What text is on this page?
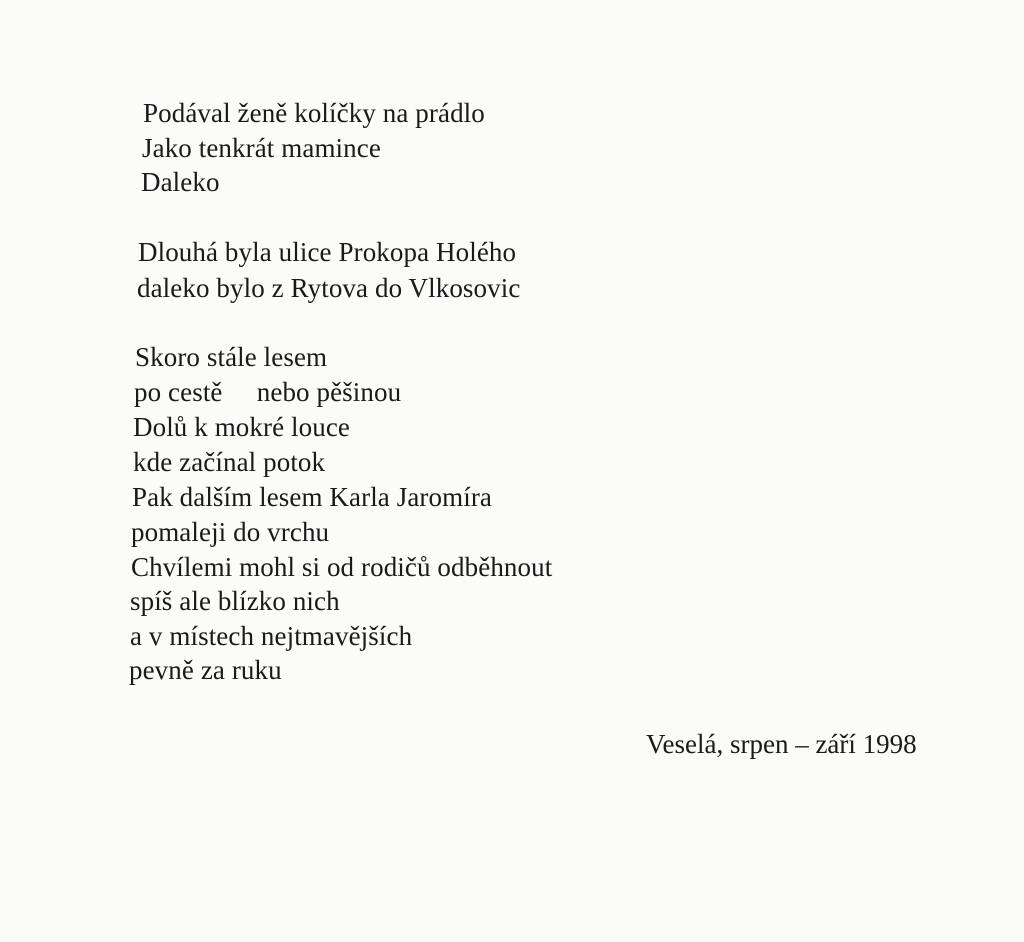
Podával ženě kolíčky na prádlo
Jako tenkrát mamince
Daleko
Dlouhá byla ulice Prokopa Holého
daleko bylo z Rytova do Vlkosovic
Skoro stále lesem
po cestě     nebo pěšinou
Dolů k mokré louce
kde začínal potok
Pak dalším lesem Karla Jaromíra
pomaleji do vrchu
Chvílemi mohl si od rodičů odběhnout
spíš ale blízko nich
a v místech nejtmavějších
pevně za ruku
Veselá, srpen – září 1998
